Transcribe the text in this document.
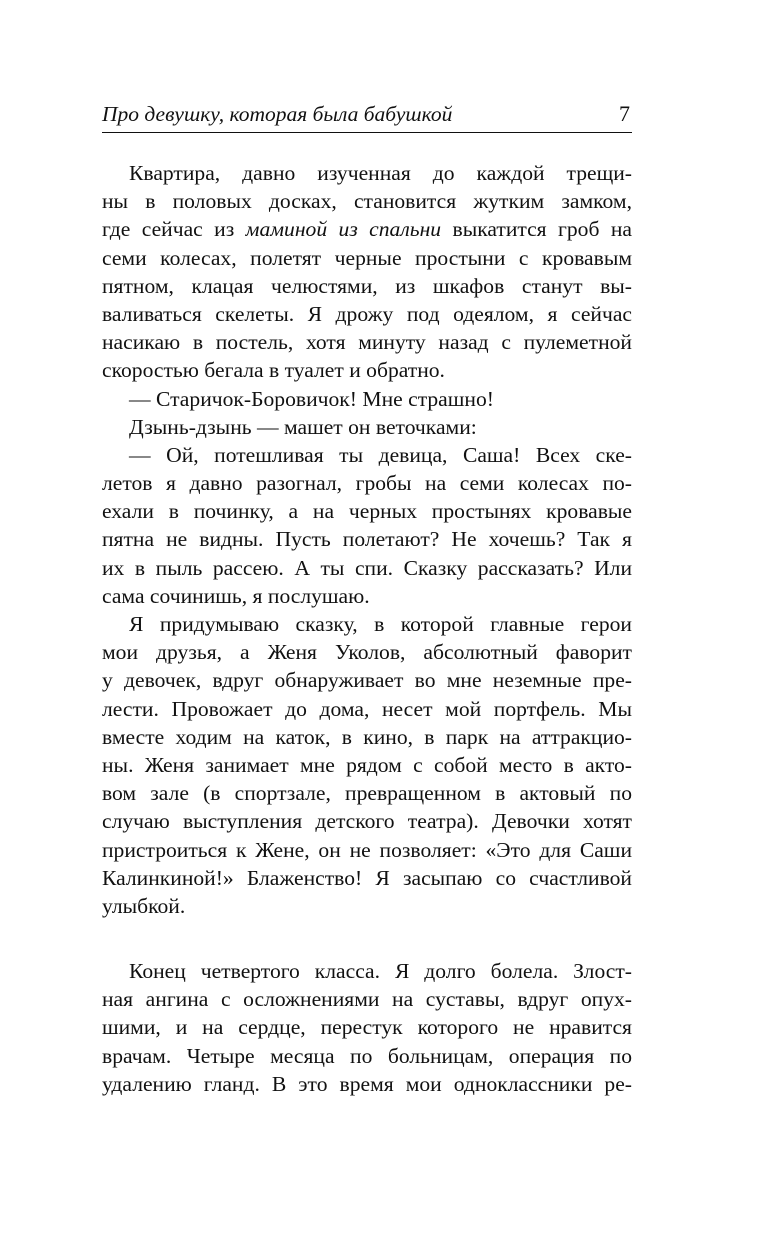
Про девушку, которая была бабушкой	7
Квартира, давно изученная до каждой трещи-
ны в половых досках, становится жутким замком,
где сейчас из маминой из спальни выкатится гроб на
семи колесах, полетят черные простыни с кровавым
пятном, клацая челюстями, из шкафов станут вы-
валиваться скелеты. Я дрожу под одеялом, я сейчас
насикаю в постель, хотя минуту назад с пулеметной
скоростью бегала в туалет и обратно.
— Старичок-Боровичок! Мне страшно!
Дзынь-дзынь — машет он веточками:
— Ой, потешливая ты девица, Саша! Всех ске-
летов я давно разогнал, гробы на семи колесах по-
ехали в починку, а на черных простынях кровавые
пятна не видны. Пусть полетают? Не хочешь? Так я
их в пыль рассею. А ты спи. Сказку рассказать? Или
сама сочинишь, я послушаю.
Я придумываю сказку, в которой главные герои
мои друзья, а Женя Уколов, абсолютный фаворит
у девочек, вдруг обнаруживает во мне неземные пре-
лести. Провожает до дома, несет мой портфель. Мы
вместе ходим на каток, в кино, в парк на аттракцио-
ны. Женя занимает мне рядом с собой место в акто-
вом зале (в спортзале, превращенном в актовый по
случаю выступления детского театра). Девочки хотят
пристроиться к Жене, он не позволяет: «Это для Саши
Калинкиной!» Блаженство! Я засыпаю со счастливой
улыбкой.
Конец четвертого класса. Я долго болела. Злост-
ная ангина с осложнениями на суставы, вдруг опух-
шими, и на сердце, перестук которого не нравится
врачам. Четыре месяца по больницам, операция по
удалению гланд. В это время мои одноклассники ре-
